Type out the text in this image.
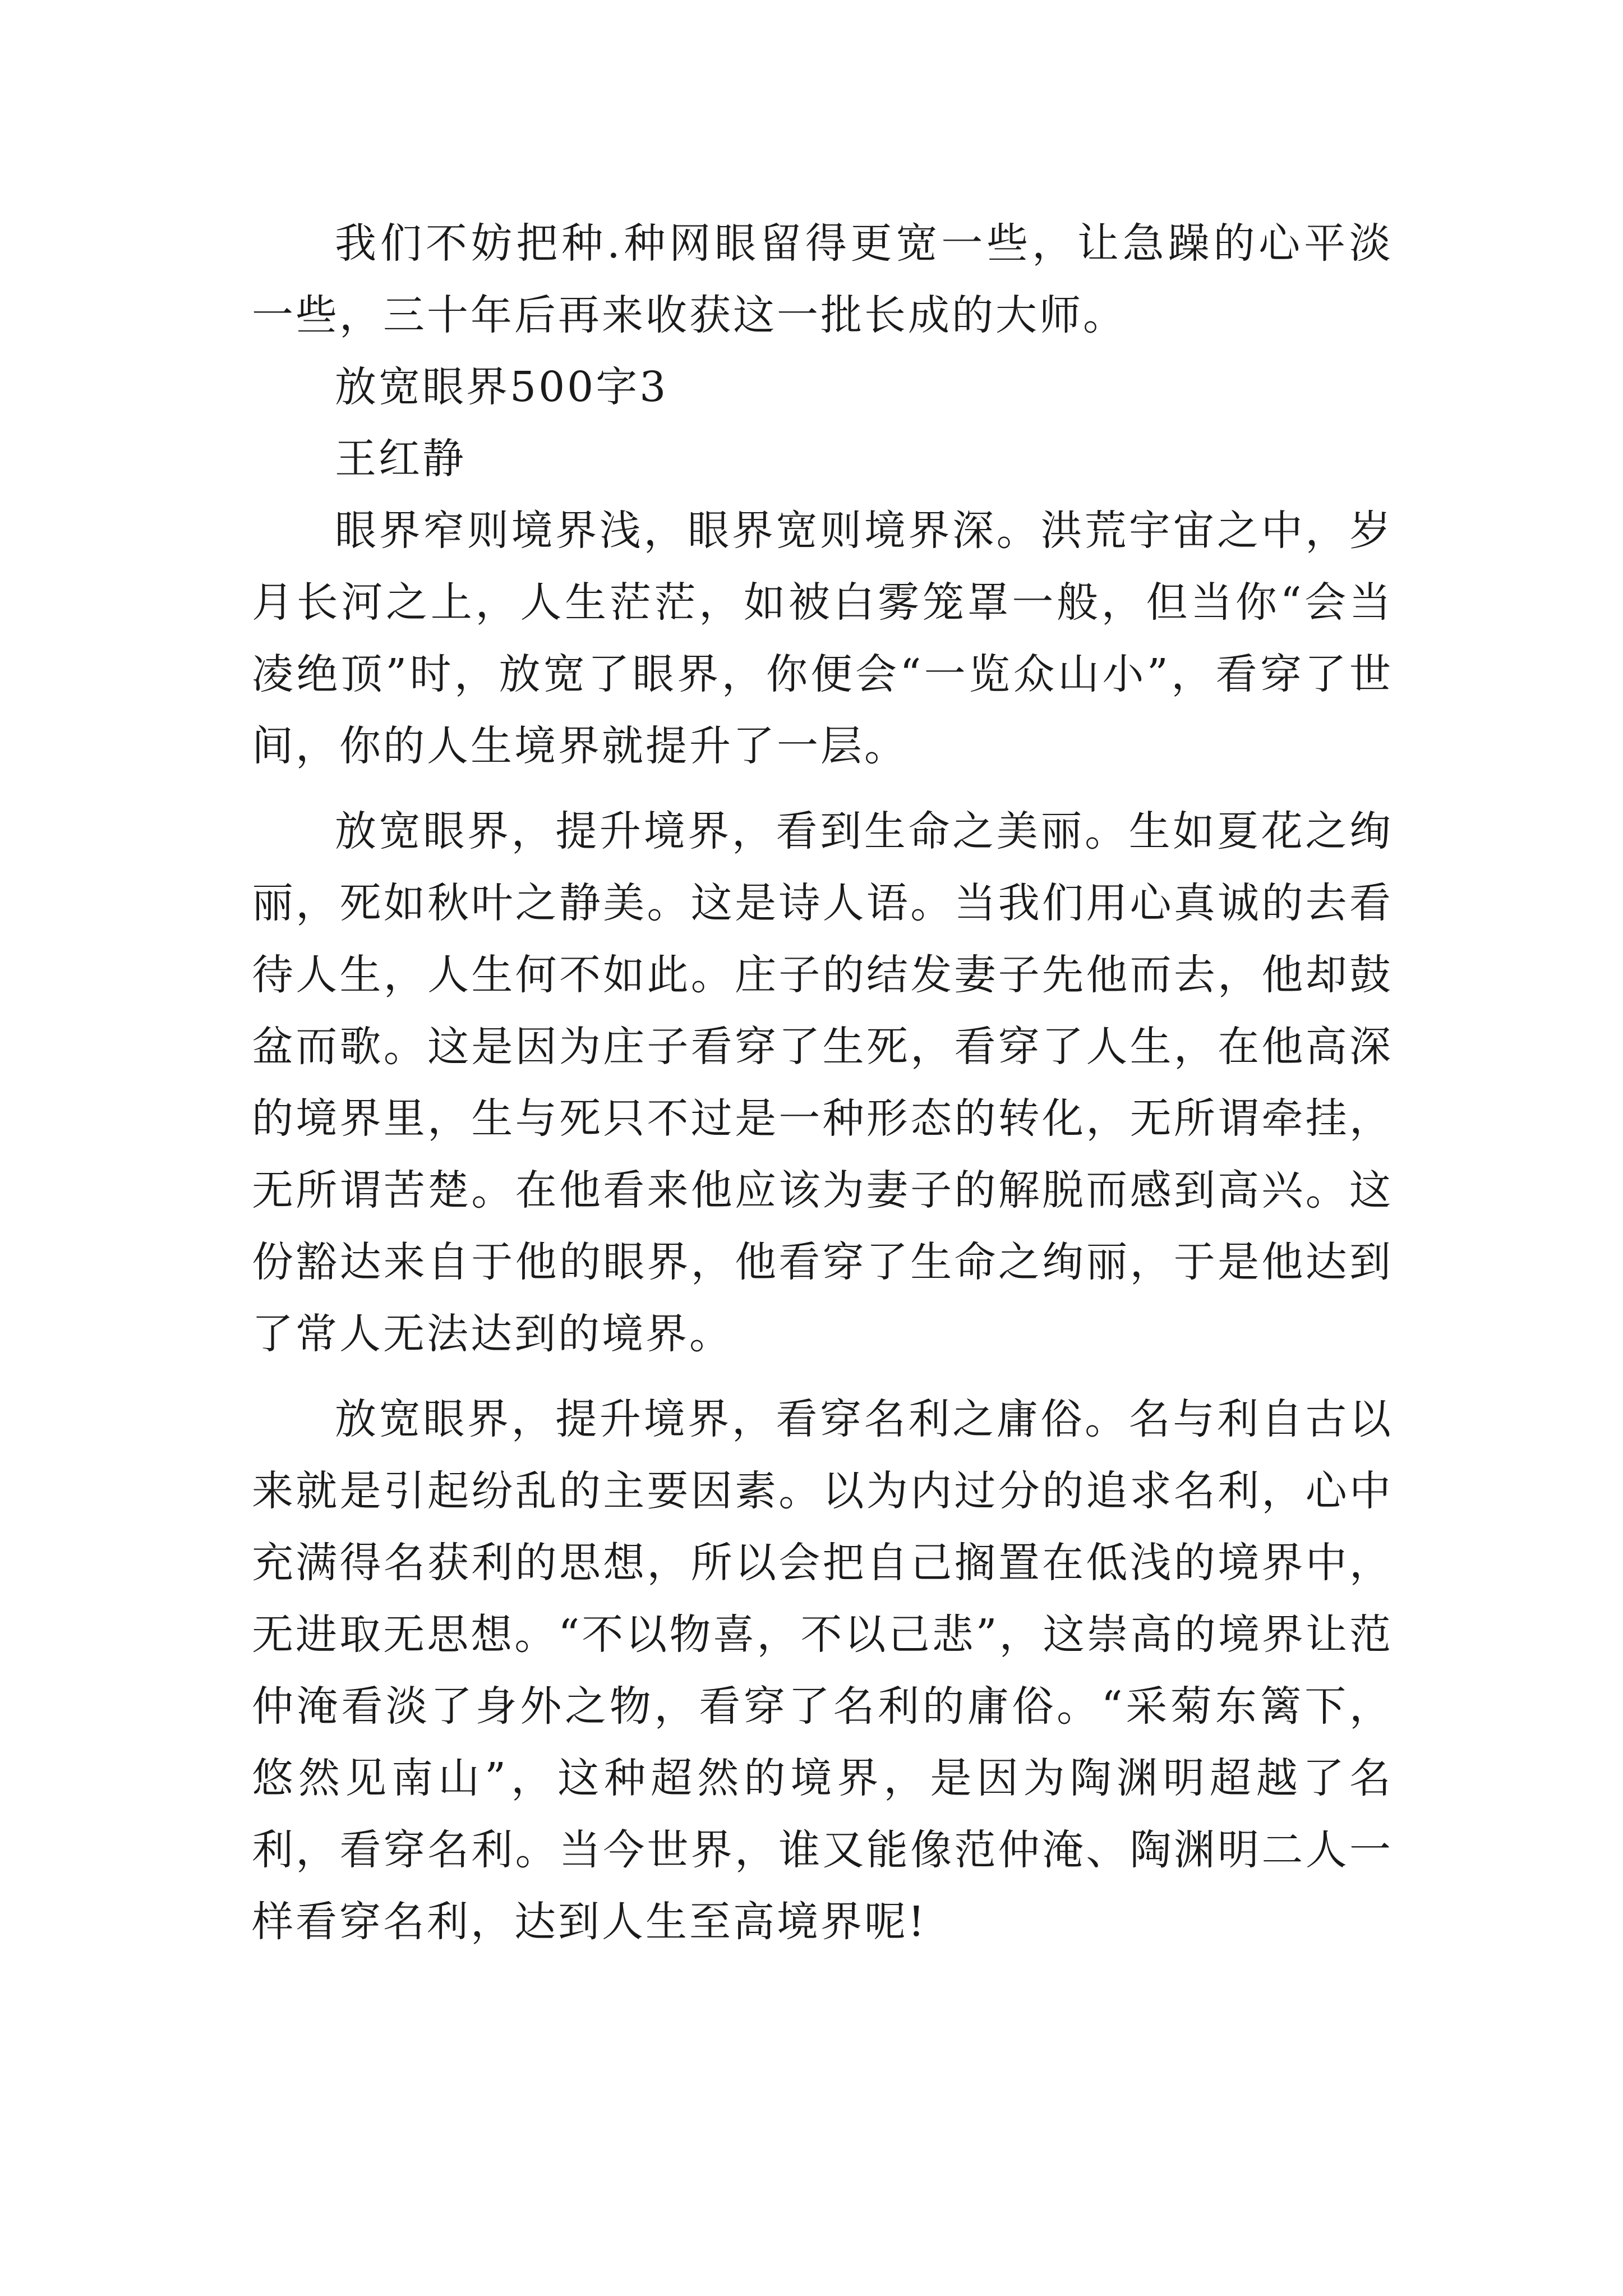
我们不妨把种.种网眼留得更宽一些，让急躁的心平淡一些，三十年后再来收获这一批长成的大师。

放宽眼界500字3

王红静

眼界窄则境界浅，眼界宽则境界深。洪荒宇宙之中，岁月长河之上，人生茫茫，如被白雾笼罩一般，但当你“会当凌绝顶”时，放宽了眼界，你便会“一览众山小”，看穿了世间，你的人生境界就提升了一层。

放宽眼界，提升境界，看到生命之美丽。生如夏花之绚丽，死如秋叶之静美。这是诗人语。当我们用心真诚的去看待人生，人生何不如此。庄子的结发妻子先他而去，他却鼓盆而歌。这是因为庄子看穿了生死，看穿了人生，在他高深的境界里，生与死只不过是一种形态的转化，无所谓牵挂，无所谓苦楚。在他看来他应该为妻子的解脱而感到高兴。这份豁达来自于他的眼界，他看穿了生命之绚丽，于是他达到了常人无法达到的境界。

放宽眼界，提升境界，看穿名利之庸俗。名与利自古以来就是引起纷乱的主要因素。以为内过分的追求名利，心中充满得名获利的思想，所以会把自己搁置在低浅的境界中，无进取无思想。“不以物喜，不以己悲”，这崇高的境界让范仲淹看淡了身外之物，看穿了名利的庸俗。“采菊东篱下，悠然见南山”，这种超然的境界，是因为陶渊明超越了名利，看穿名利。当今世界，谁又能像范仲淹、陶渊明二人一样看穿名利，达到人生至高境界呢!
